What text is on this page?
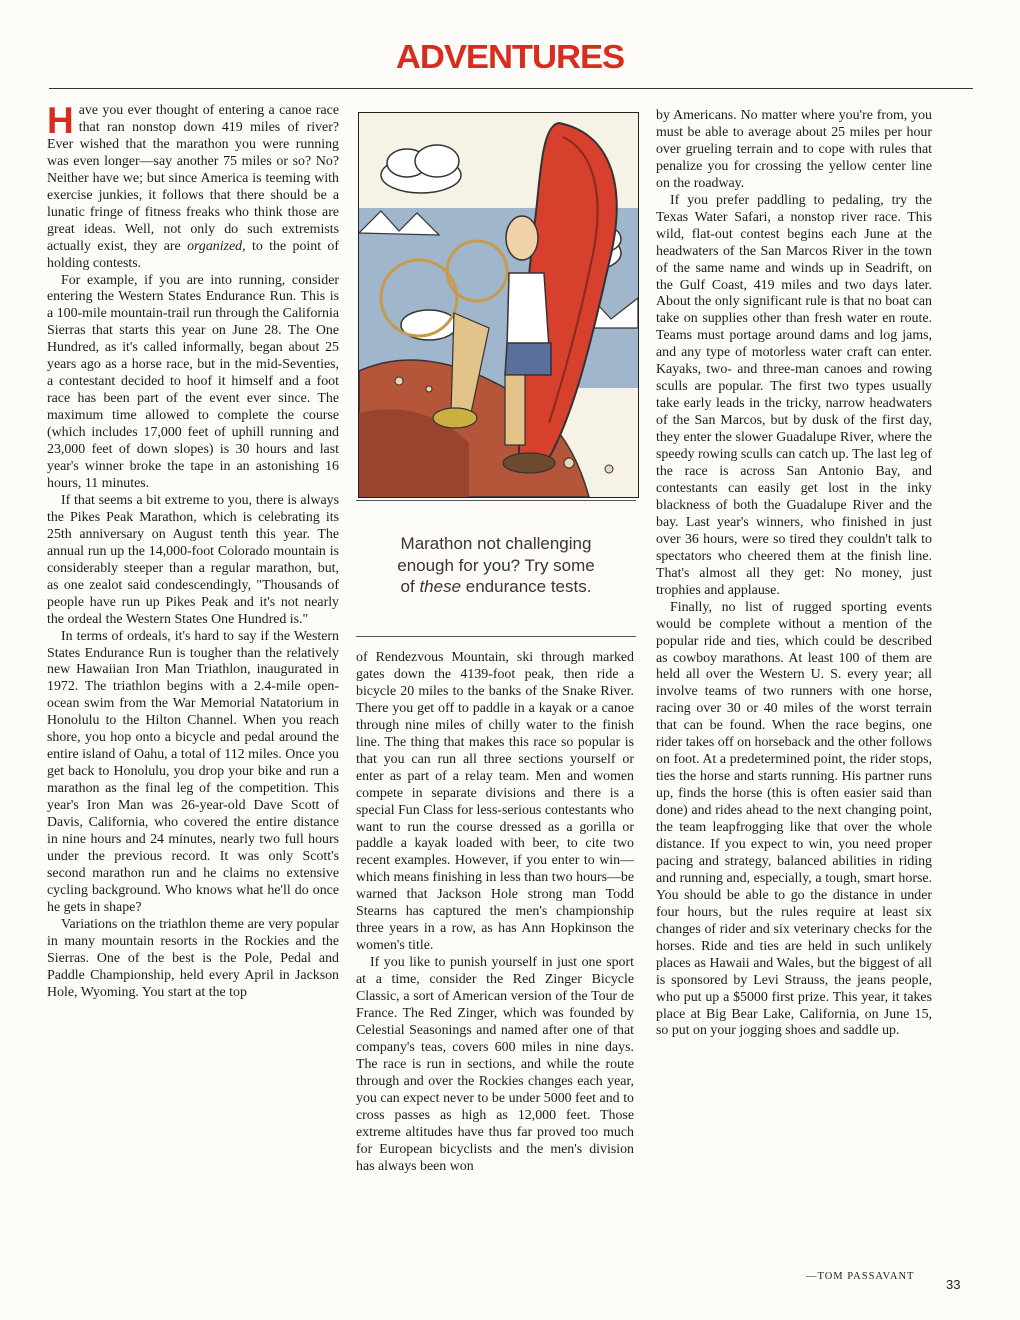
ADVENTURES

Have you ever thought of entering a canoe race that ran nonstop down 419 miles of river? Ever wished that the marathon you were running was even longer—say another 75 miles or so? No? Neither have we; but since America is teeming with exercise junkies, it follows that there should be a lunatic fringe of fitness freaks who think those are great ideas. Well, not only do such extremists actually exist, they are organized, to the point of holding contests.

For example, if you are into running, consider entering the Western States Endurance Run. This is a 100-mile mountain-trail run through the California Sierras that starts this year on June 28. The One Hundred, as it's called informally, began about 25 years ago as a horse race, but in the mid-Seventies, a contestant decided to hoof it himself and a foot race has been part of the event ever since. The maximum time allowed to complete the course (which includes 17,000 feet of uphill running and 23,000 feet of down slopes) is 30 hours and last year's winner broke the tape in an astonishing 16 hours, 11 minutes.

If that seems a bit extreme to you, there is always the Pikes Peak Marathon, which is celebrating its 25th anniversary on August tenth this year. The annual run up the 14,000-foot Colorado mountain is considerably steeper than a regular marathon, but, as one zealot said condescendingly, "Thousands of people have run up Pikes Peak and it's not nearly the ordeal the Western States One Hundred is."

In terms of ordeals, it's hard to say if the Western States Endurance Run is tougher than the relatively new Hawaiian Iron Man Triathlon, inaugurated in 1972. The triathlon begins with a 2.4-mile open-ocean swim from the War Memorial Natatorium in Honolulu to the Hilton Channel. When you reach shore, you hop onto a bicycle and pedal around the entire island of Oahu, a total of 112 miles. Once you get back to Honolulu, you drop your bike and run a marathon as the final leg of the competition. This year's Iron Man was 26-year-old Dave Scott of Davis, California, who covered the entire distance in nine hours and 24 minutes, nearly two full hours under the previous record. It was only Scott's second marathon run and he claims no extensive cycling background. Who knows what he'll do once he gets in shape?

Variations on the triathlon theme are very popular in many mountain resorts in the Rockies and the Sierras. One of the best is the Pole, Pedal and Paddle Championship, held every April in Jackson Hole, Wyoming. You start at the top

Marathon not challenging
enough for you? Try some
of these endurance tests.

of Rendezvous Mountain, ski through marked gates down the 4139-foot peak, then ride a bicycle 20 miles to the banks of the Snake River. There you get off to paddle in a kayak or a canoe through nine miles of chilly water to the finish line. The thing that makes this race so popular is that you can run all three sections yourself or enter as part of a relay team. Men and women compete in separate divisions and there is a special Fun Class for less-serious contestants who want to run the course dressed as a gorilla or paddle a kayak loaded with beer, to cite two recent examples. However, if you enter to win—which means finishing in less than two hours—be warned that Jackson Hole strong man Todd Stearns has captured the men's championship three years in a row, as has Ann Hopkinson the women's title.

If you like to punish yourself in just one sport at a time, consider the Red Zinger Bicycle Classic, a sort of American version of the Tour de France. The Red Zinger, which was founded by Celestial Seasonings and named after one of that company's teas, covers 600 miles in nine days. The race is run in sections, and while the route through and over the Rockies changes each year, you can expect never to be under 5000 feet and to cross passes as high as 12,000 feet. Those extreme altitudes have thus far proved too much for European bicyclists and the men's division has always been won

by Americans. No matter where you're from, you must be able to average about 25 miles per hour over grueling terrain and to cope with rules that penalize you for crossing the yellow center line on the roadway.

If you prefer paddling to pedaling, try the Texas Water Safari, a nonstop river race. This wild, flat-out contest begins each June at the headwaters of the San Marcos River in the town of the same name and winds up in Seadrift, on the Gulf Coast, 419 miles and two days later. About the only significant rule is that no boat can take on supplies other than fresh water en route. Teams must portage around dams and log jams, and any type of motorless water craft can enter. Kayaks, two- and three-man canoes and rowing sculls are popular. The first two types usually take early leads in the tricky, narrow headwaters of the San Marcos, but by dusk of the first day, they enter the slower Guadalupe River, where the speedy rowing sculls can catch up. The last leg of the race is across San Antonio Bay, and contestants can easily get lost in the inky blackness of both the Guadalupe River and the bay. Last year's winners, who finished in just over 36 hours, were so tired they couldn't talk to spectators who cheered them at the finish line. That's almost all they get: No money, just trophies and applause.

Finally, no list of rugged sporting events would be complete without a mention of the popular ride and ties, which could be described as cowboy marathons. At least 100 of them are held all over the Western U. S. every year; all involve teams of two runners with one horse, racing over 30 or 40 miles of the worst terrain that can be found. When the race begins, one rider takes off on horseback and the other follows on foot. At a predetermined point, the rider stops, ties the horse and starts running. His partner runs up, finds the horse (this is often easier said than done) and rides ahead to the next changing point, the team leapfrogging like that over the whole distance. If you expect to win, you need proper pacing and strategy, balanced abilities in riding and running and, especially, a tough, smart horse. You should be able to go the distance in under four hours, but the rules require at least six changes of rider and six veterinary checks for the horses. Ride and ties are held in such unlikely places as Hawaii and Wales, but the biggest of all is sponsored by Levi Strauss, the jeans people, who put up a $5000 first prize. This year, it takes place at Big Bear Lake, California, on June 15, so put on your jogging shoes and saddle up.

—TOM PASSAVANT
33
